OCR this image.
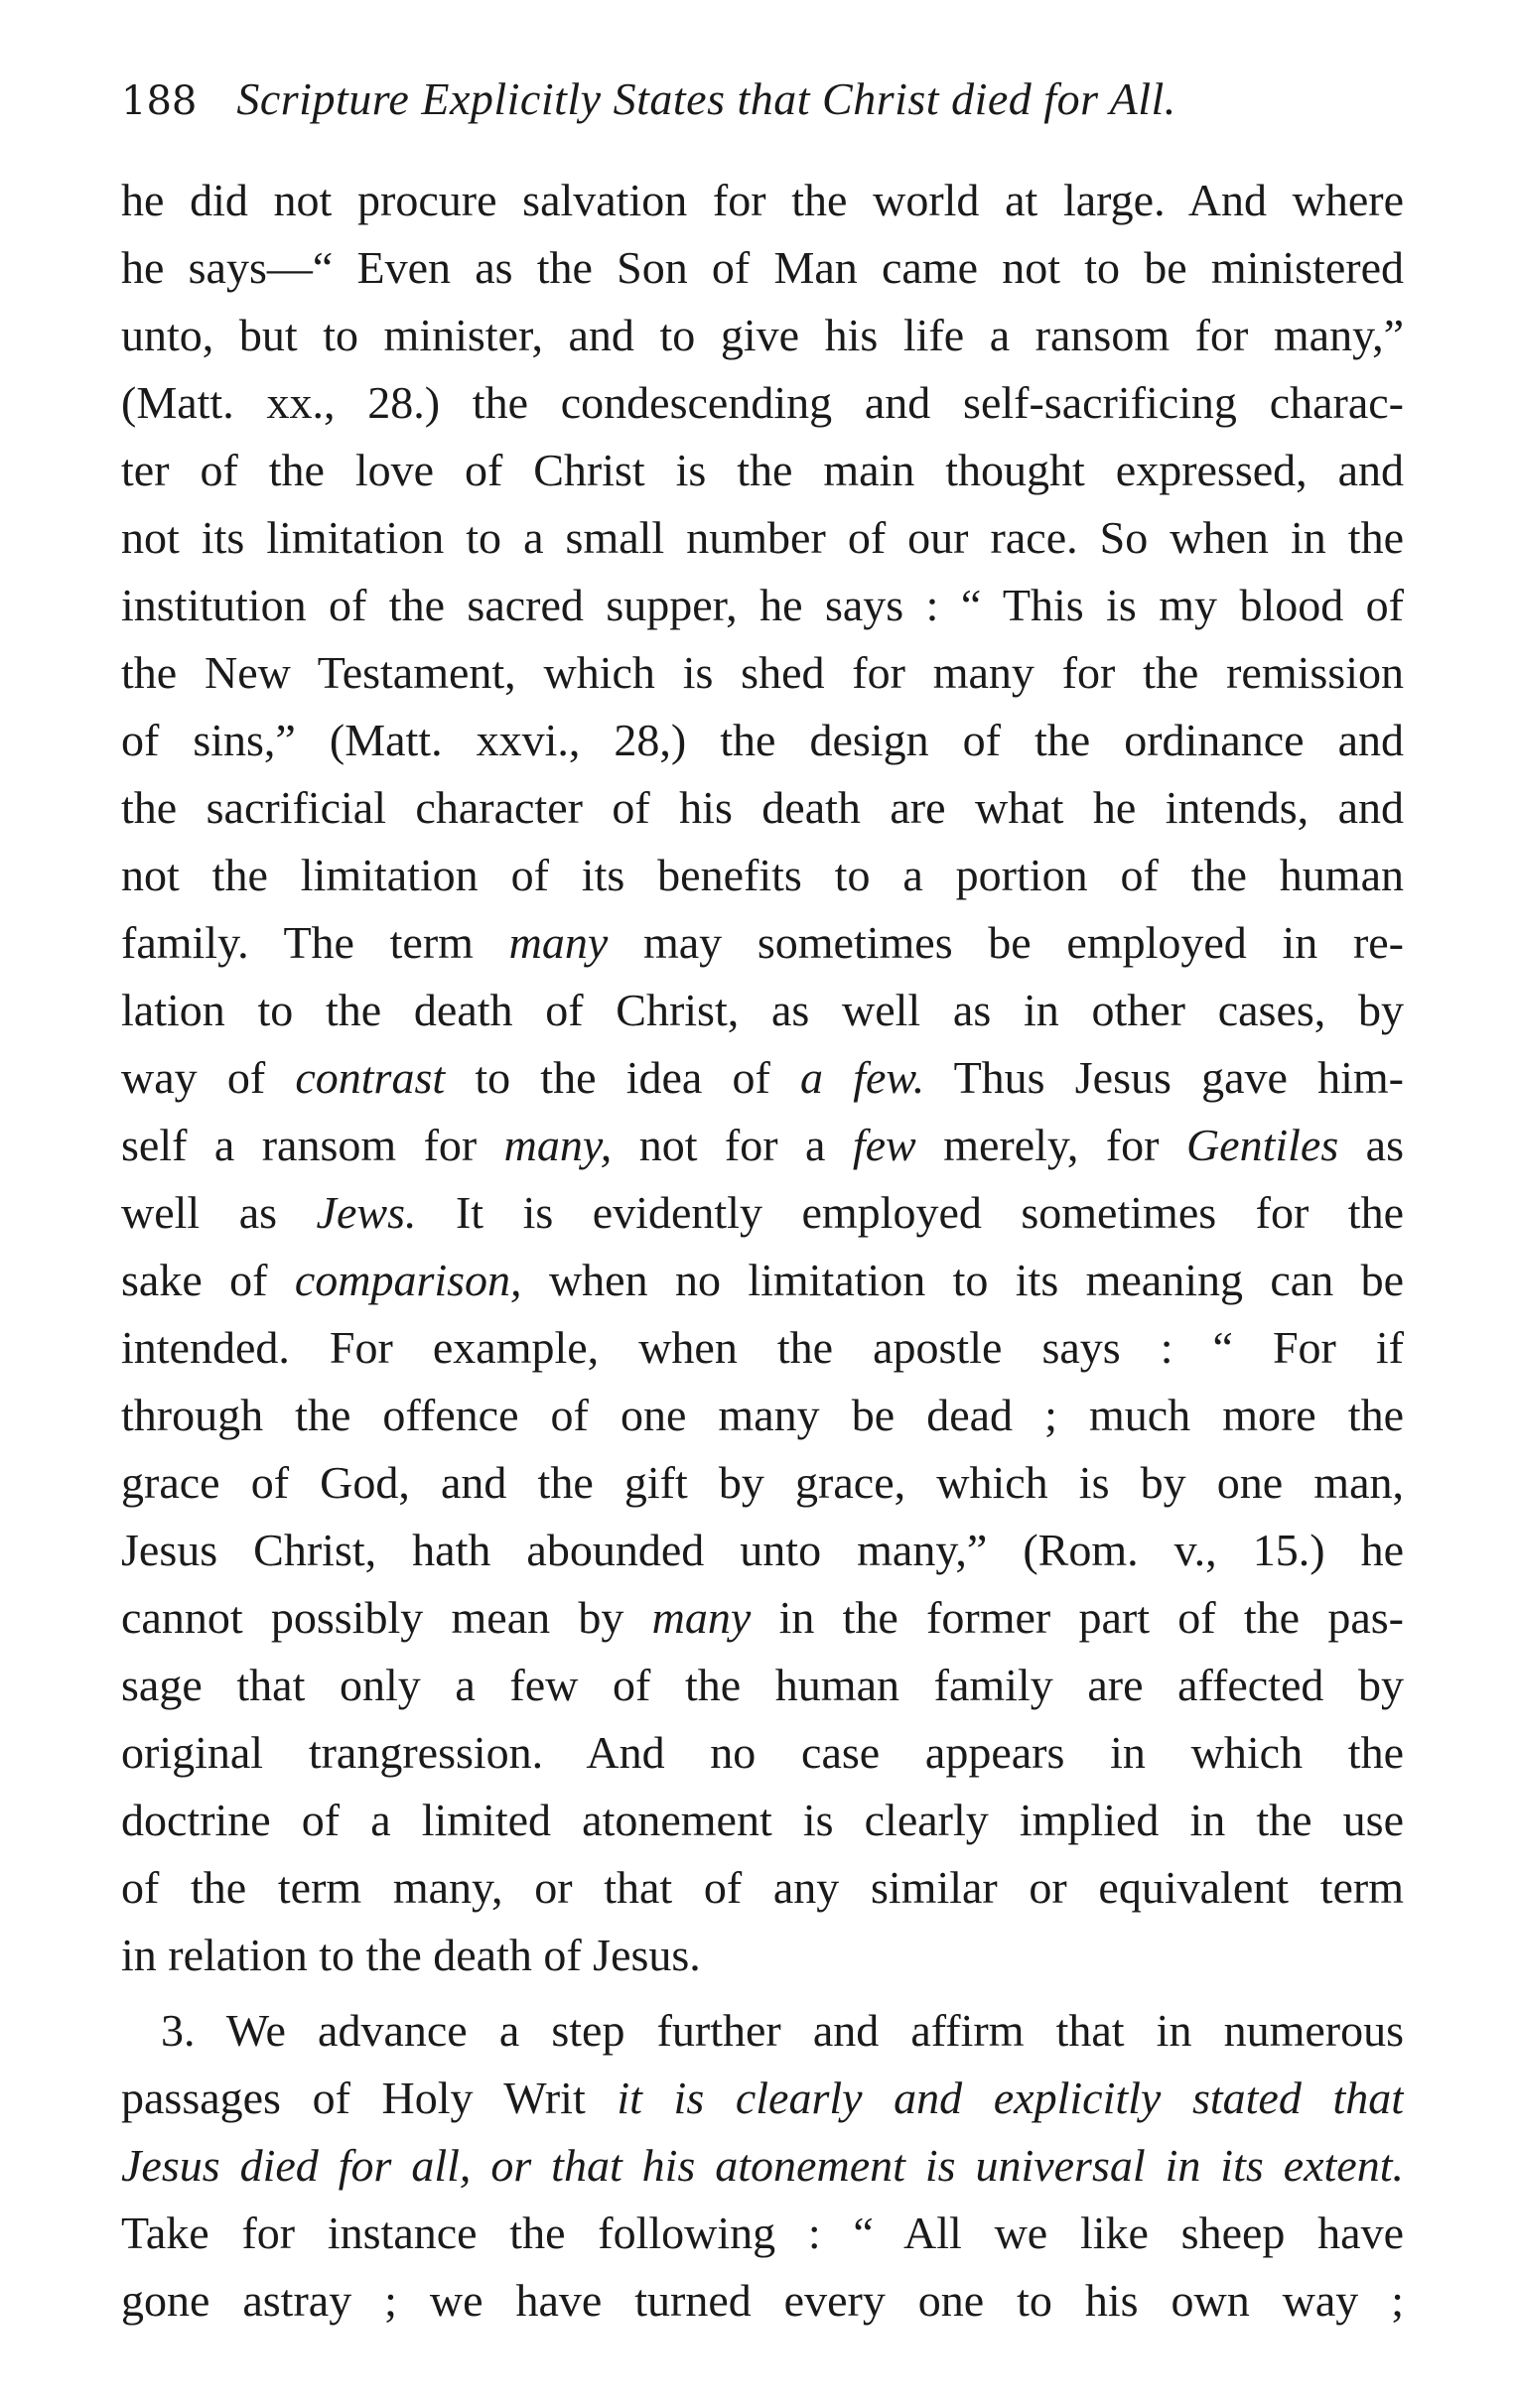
188 Scripture Explicitly States that Christ died for All.
he did not procure salvation for the world at large. And where
he says—“ Even as the Son of Man came not to be ministered
unto, but to minister, and to give his life a ransom for many,”
(Matt. xx., 28.) the condescending and self-sacrificing charac-
ter of the love of Christ is the main thought expressed, and
not its limitation to a small number of our race. So when in the
institution of the sacred supper, he says : “ This is my blood of
the New Testament, which is shed for many for the remission
of sins,” (Matt. xxvi., 28,) the design of the ordinance and
the sacrificial character of his death are what he intends, and
not the limitation of its benefits to a portion of the human
family. The term many may sometimes be employed in re-
lation to the death of Christ, as well as in other cases, by
way of contrast to the idea of a few. Thus Jesus gave him-
self a ransom for many, not for a few merely, for Gentiles as
well as Jews. It is evidently employed sometimes for the
sake of comparison, when no limitation to its meaning can be
intended. For example, when the apostle says : “ For if
through the offence of one many be dead ; much more the
grace of God, and the gift by grace, which is by one man,
Jesus Christ, hath abounded unto many,” (Rom. v., 15.) he
cannot possibly mean by many in the former part of the pas-
sage that only a few of the human family are affected by
original trangression. And no case appears in which the
doctrine of a limited atonement is clearly implied in the use
of the term many, or that of any similar or equivalent term
in relation to the death of Jesus.
3. We advance a step further and affirm that in numerous
passages of Holy Writ it is clearly and explicitly stated that
Jesus died for all, or that his atonement is universal in its extent.
Take for instance the following : “ All we like sheep have
gone astray ; we have turned every one to his own way ;
